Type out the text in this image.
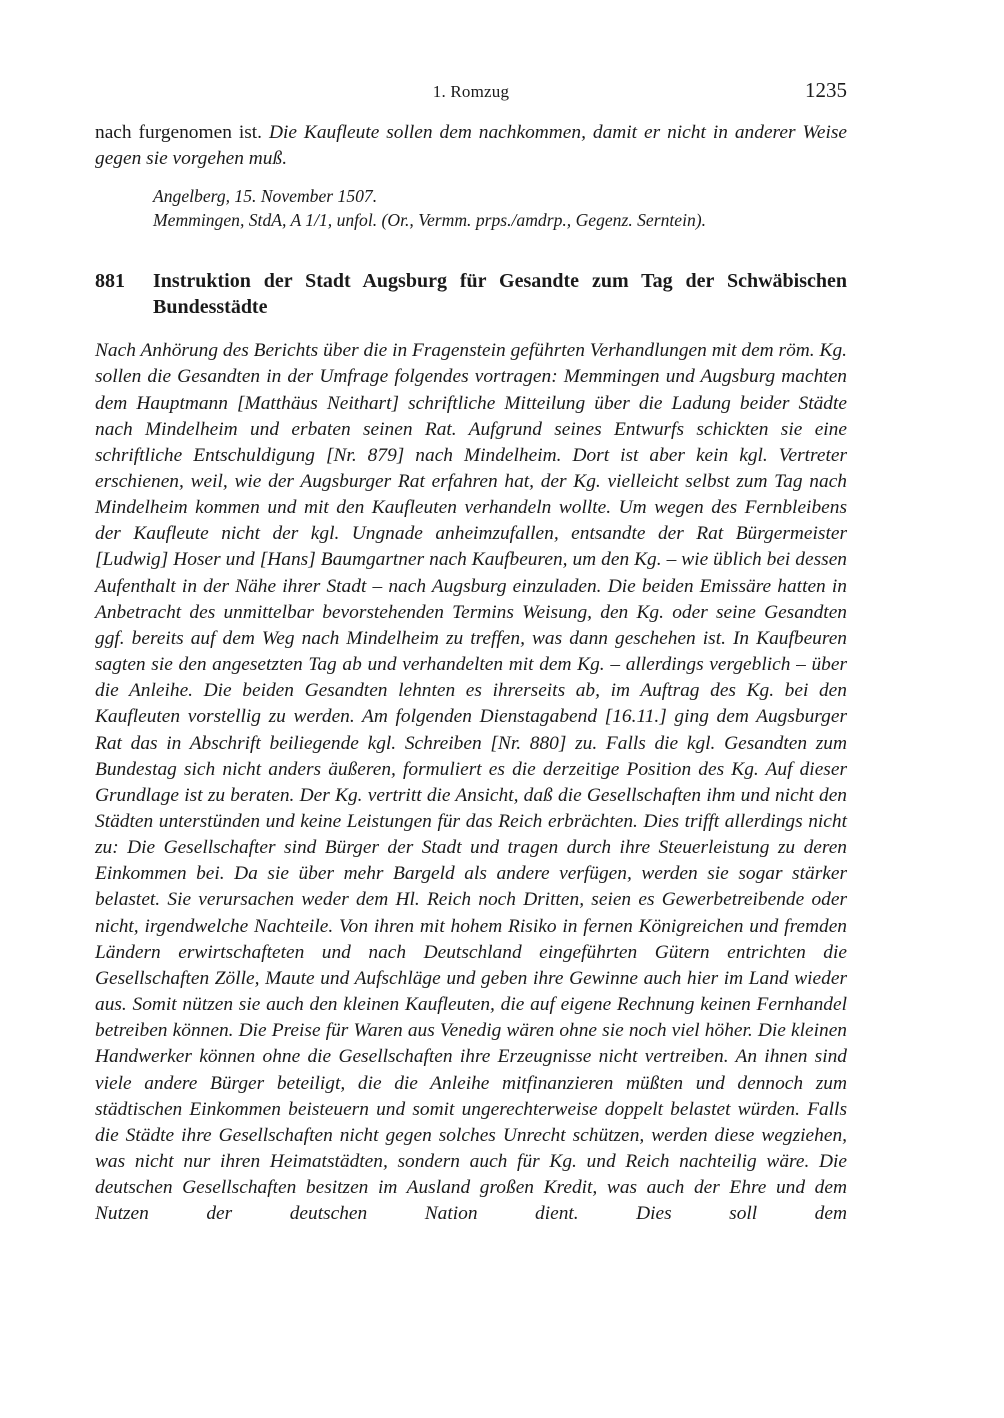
1. Romzug	1235

nach furgenomen ist. Die Kaufleute sollen dem nachkommen, damit er nicht in anderer Weise gegen sie vorgehen muß.

Angelberg, 15. November 1507.
Memmingen, StdA, A 1/1, unfol. (Or., Vermm. prps./amdrp., Gegenz. Serntein).
881	Instruktion der Stadt Augsburg für Gesandte zum Tag der Schwäbischen Bundesstädte
Nach Anhörung des Berichts über die in Fragenstein geführten Verhandlungen mit dem röm. Kg. sollen die Gesandten in der Umfrage folgendes vortragen: Memmingen und Augsburg machten dem Hauptmann [Matthäus Neithart] schriftliche Mitteilung über die Ladung beider Städte nach Mindelheim und erbaten seinen Rat. Aufgrund seines Entwurfs schickten sie eine schriftliche Entschuldigung [Nr. 879] nach Mindelheim. Dort ist aber kein kgl. Vertreter erschienen, weil, wie der Augsburger Rat erfahren hat, der Kg. vielleicht selbst zum Tag nach Mindelheim kommen und mit den Kaufleuten verhandeln wollte. Um wegen des Fernbleibens der Kaufleute nicht der kgl. Ungnade anheimzufallen, entsandte der Rat Bürgermeister [Ludwig] Hoser und [Hans] Baumgartner nach Kaufbeuren, um den Kg. – wie üblich bei dessen Aufenthalt in der Nähe ihrer Stadt – nach Augsburg einzuladen. Die beiden Emissäre hatten in Anbetracht des unmittelbar bevorstehenden Termins Weisung, den Kg. oder seine Gesandten ggf. bereits auf dem Weg nach Mindelheim zu treffen, was dann geschehen ist. In Kaufbeuren sagten sie den angesetzten Tag ab und verhandelten mit dem Kg. – allerdings vergeblich – über die Anleihe. Die beiden Gesandten lehnten es ihrerseits ab, im Auftrag des Kg. bei den Kaufleuten vorstellig zu werden. Am folgenden Dienstagabend [16.11.] ging dem Augsburger Rat das in Abschrift beiliegende kgl. Schreiben [Nr. 880] zu. Falls die kgl. Gesandten zum Bundestag sich nicht anders äußeren, formuliert es die derzeitige Position des Kg. Auf dieser Grundlage ist zu beraten. Der Kg. vertritt die Ansicht, daß die Gesellschaften ihm und nicht den Städten unterstünden und keine Leistungen für das Reich erbrächten. Dies trifft allerdings nicht zu: Die Gesellschafter sind Bürger der Stadt und tragen durch ihre Steuerleistung zu deren Einkommen bei. Da sie über mehr Bargeld als andere verfügen, werden sie sogar stärker belastet. Sie verursachen weder dem Hl. Reich noch Dritten, seien es Gewerbetreibende oder nicht, irgendwelche Nachteile. Von ihren mit hohem Risiko in fernen Königreichen und fremden Ländern erwirtschafteten und nach Deutschland eingeführten Gütern entrichten die Gesellschaften Zölle, Maute und Aufschläge und geben ihre Gewinne auch hier im Land wieder aus. Somit nützen sie auch den kleinen Kaufleuten, die auf eigene Rechnung keinen Fernhandel betreiben können. Die Preise für Waren aus Venedig wären ohne sie noch viel höher. Die kleinen Handwerker können ohne die Gesellschaften ihre Erzeugnisse nicht vertreiben. An ihnen sind viele andere Bürger beteiligt, die die Anleihe mitfinanzieren müßten und dennoch zum städtischen Einkommen beisteuern und somit ungerechterweise doppelt belastet würden. Falls die Städte ihre Gesellschaften nicht gegen solches Unrecht schützen, werden diese wegziehen, was nicht nur ihren Heimatstädten, sondern auch für Kg. und Reich nachteilig wäre. Die deutschen Gesellschaften besitzen im Ausland großen Kredit, was auch der Ehre und dem Nutzen der deutschen Nation dient. Dies soll dem
